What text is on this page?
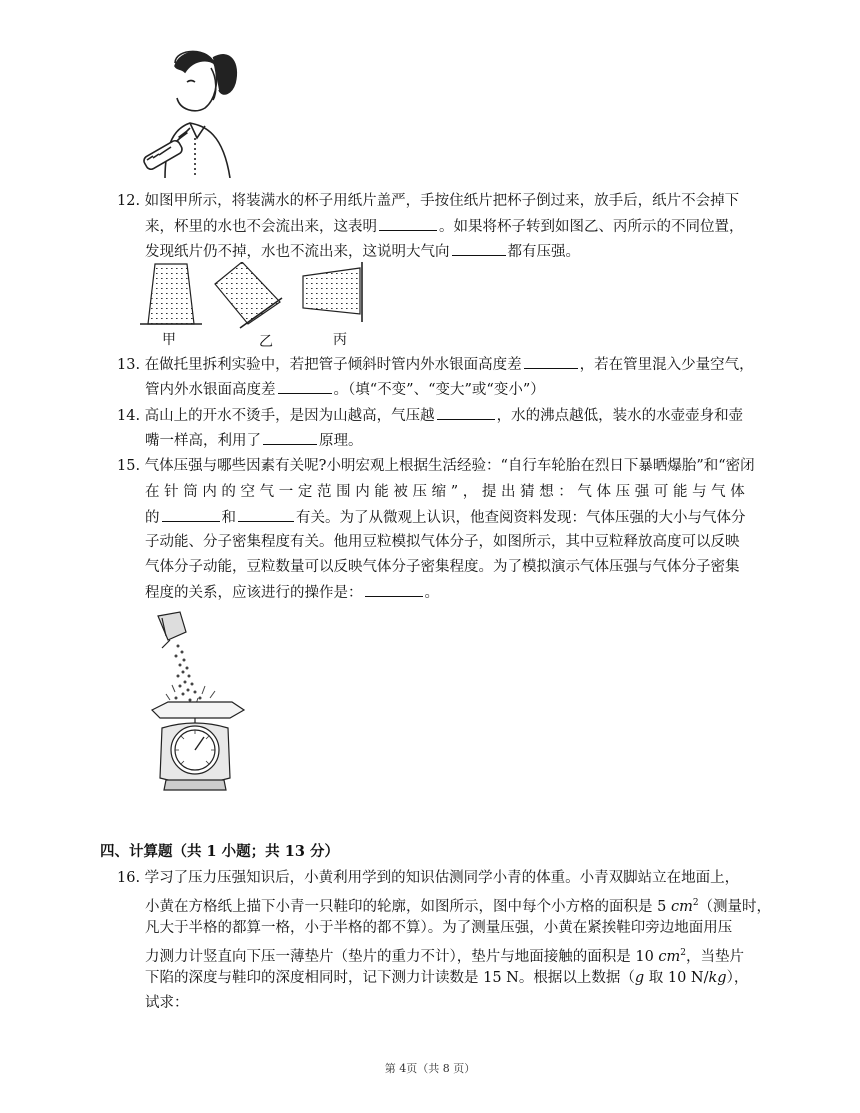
12. 如图甲所示，将装满水的杯子用纸片盖严，手按住纸片把杯子倒过来，放手后，纸片不会掉下
来，杯里的水也不会流出来，这表明	。如果将杯子转到如图乙、丙所示的不同位置，
发现纸片仍不掉，水也不流出来，这说明大气向	都有压强。
甲	乙	丙
13. 在做托里拆利实验中，若把管子倾斜时管内外水银面高度差	，若在管里混入少量空气，
管内外水银面高度差	。（填“不变”、“变大”或“变小”）
14. 高山上的开水不烫手，是因为山越高，气压越	，水的沸点越低，装水的水壶壶身和壶
嘴一样高，利用了	原理。
15. 气体压强与哪些因素有关呢?小明宏观上根据生活经验：“自行车轮胎在烈日下暴晒爆胎”和“密闭
在 针 筒 内 的 空 气 一 定 范 围 内 能 被 压 缩 ” ， 提 出 猜 想 ： 气 体 压 强 可 能 与 气 体
的	和	有关。为了从微观上认识，他查阅资料发现：气体压强的大小与气体分
子动能、分子密集程度有关。他用豆粒模拟气体分子，如图所示，其中豆粒释放高度可以反映
气体分子动能，豆粒数量可以反映气体分子密集程度。为了模拟演示气体压强与气体分子密集
程度的关系，应该进行的操作是：	。
四、计算题（共 1 小题；共 13 分）
16. 学习了压力压强知识后，小黄利用学到的知识估测同学小青的体重。小青双脚站立在地面上，
小黄在方格纸上描下小青一只鞋印的轮廓，如图所示，图中每个小方格的面积是 5 $cm^2$（测量时，
凡大于半格的都算一格，小于半格的都不算）。为了测量压强，小黄在紧挨鞋印旁边地面用压
力测力计竖直向下压一薄垫片（垫片的重力不计），垫片与地面接触的面积是 10 $cm^2$，当垫片
下陷的深度与鞋印的深度相同时，记下测力计读数是 15 N。根据以上数据（g 取 10 N/kg），
试求：
第 4页（共 8 页）
